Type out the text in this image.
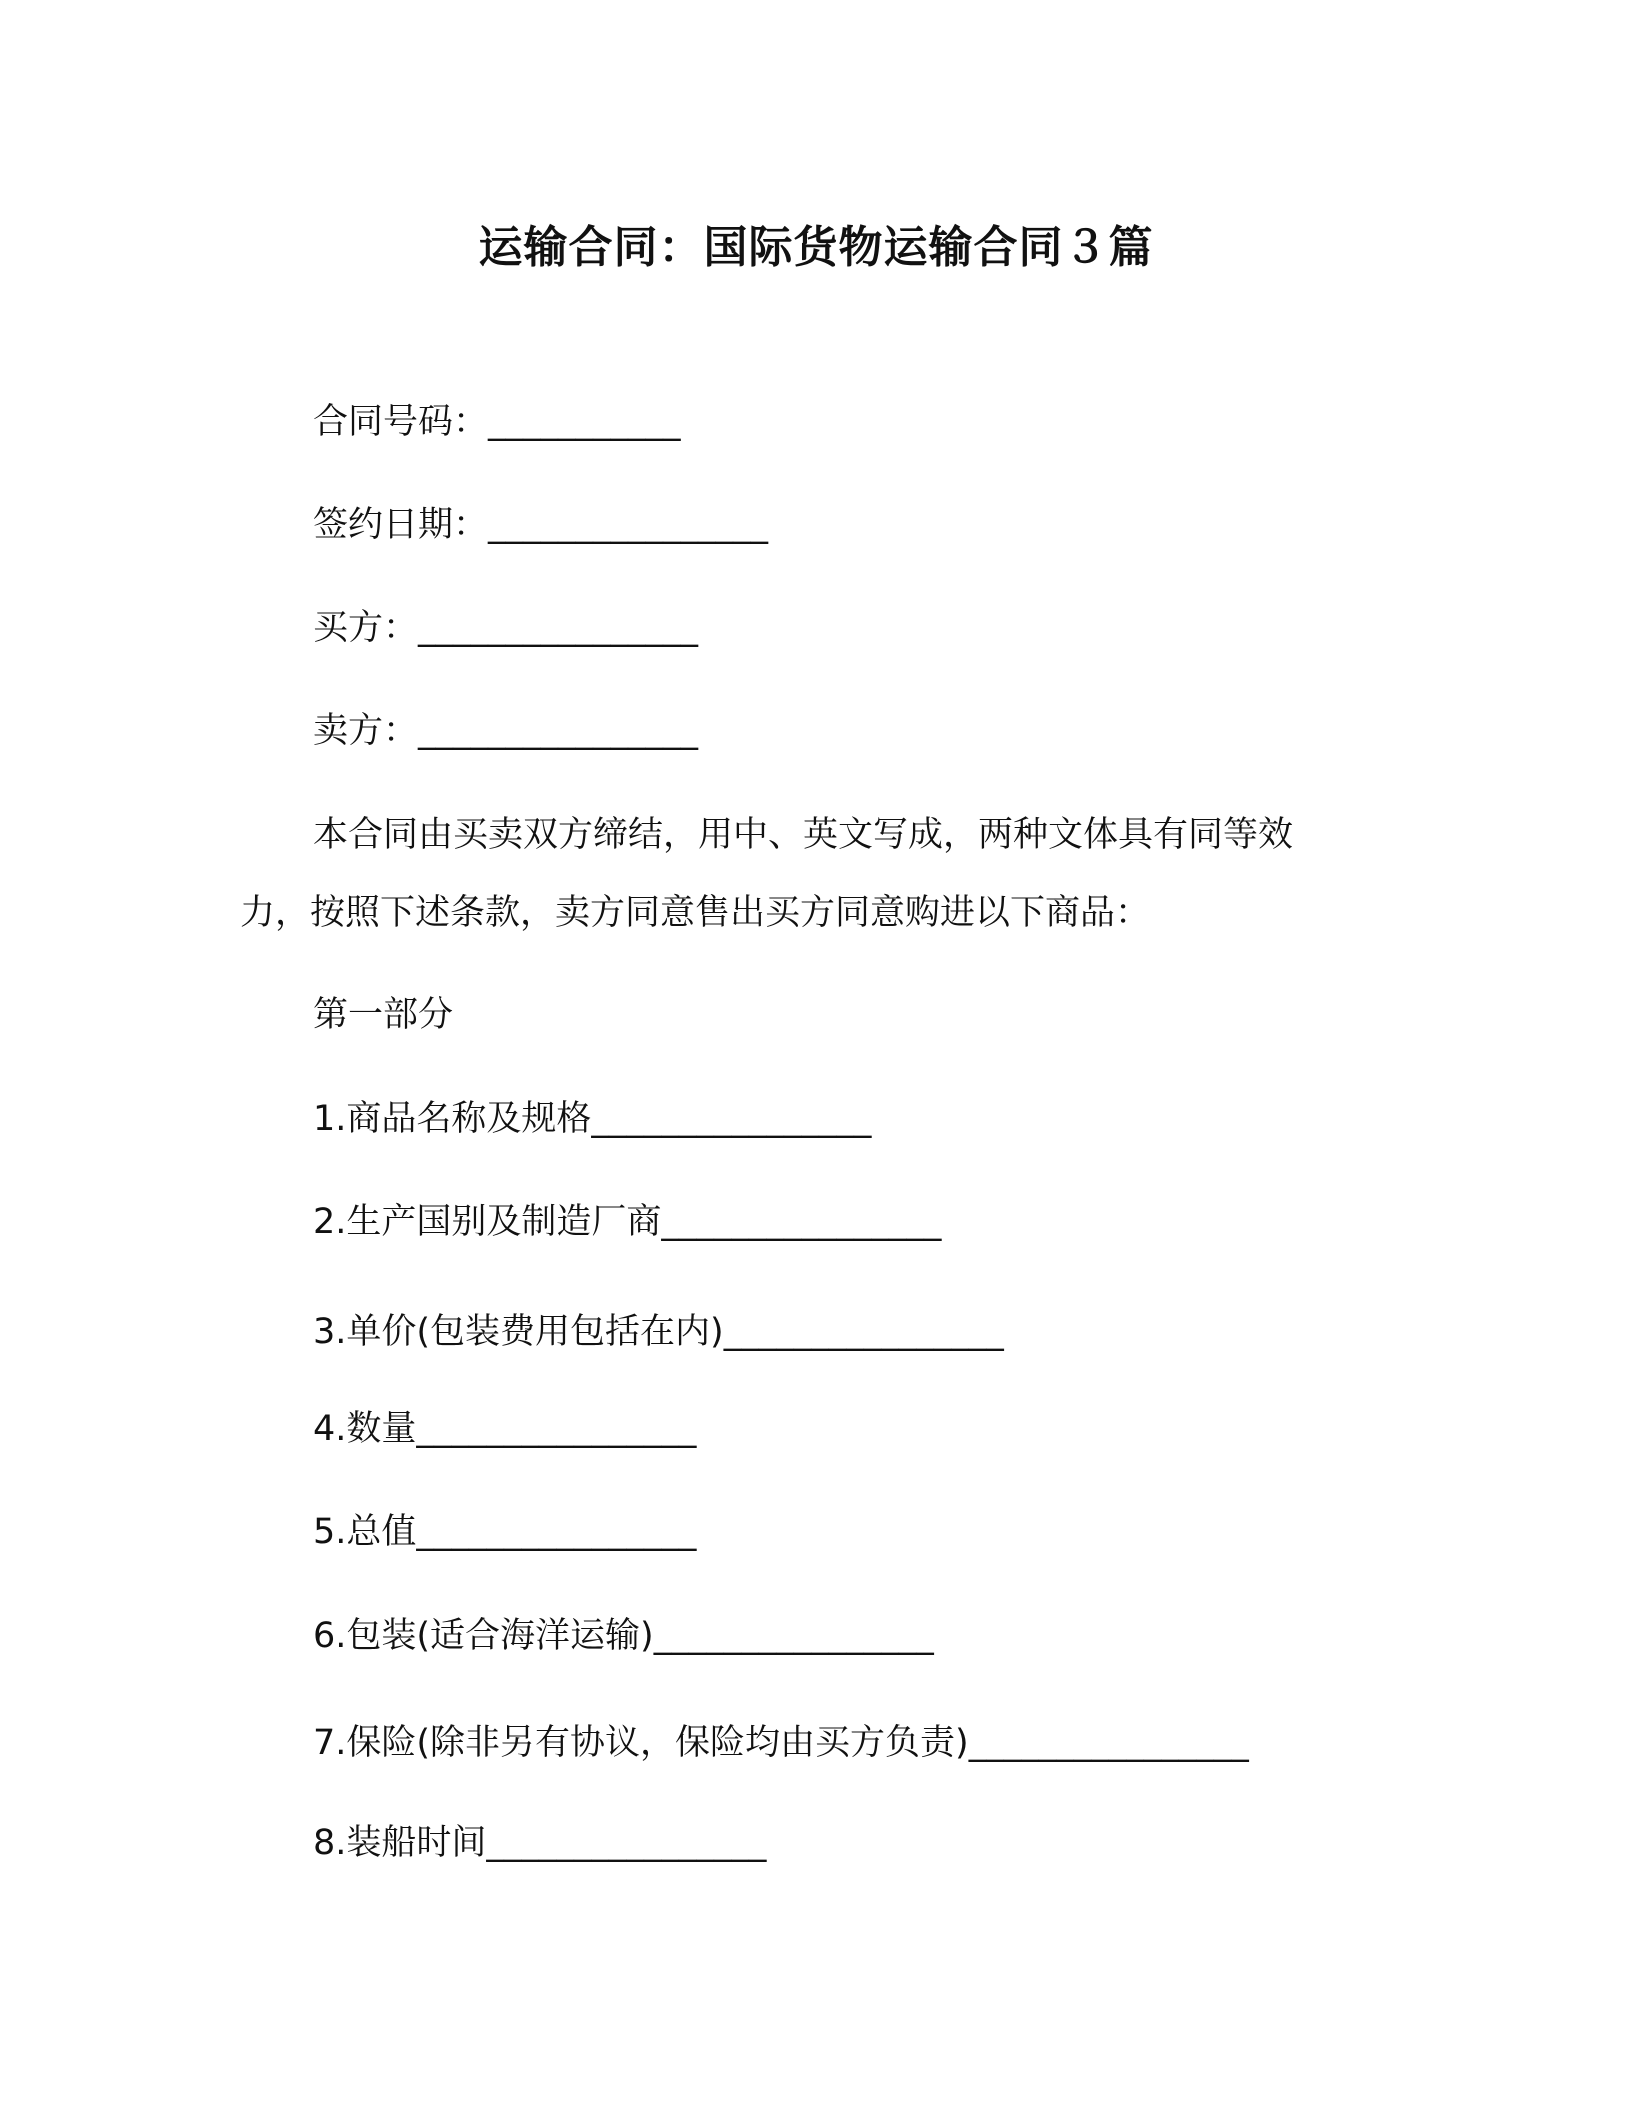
运输合同：国际货物运输合同３篇
合同号码：___________
签约日期：________________
买方：________________
卖方：________________
本合同由买卖双方缔结，用中、英文写成，两种文体具有同等效力，按照下述条款，卖方同意售出买方同意购进以下商品：
第一部分
1.商品名称及规格________________
2.生产国别及制造厂商________________
3.单价(包装费用包括在内)________________
4.数量________________
5.总值________________
6.包装(适合海洋运输)________________
7.保险(除非另有协议，保险均由买方负责)________________
8.装船时间________________
